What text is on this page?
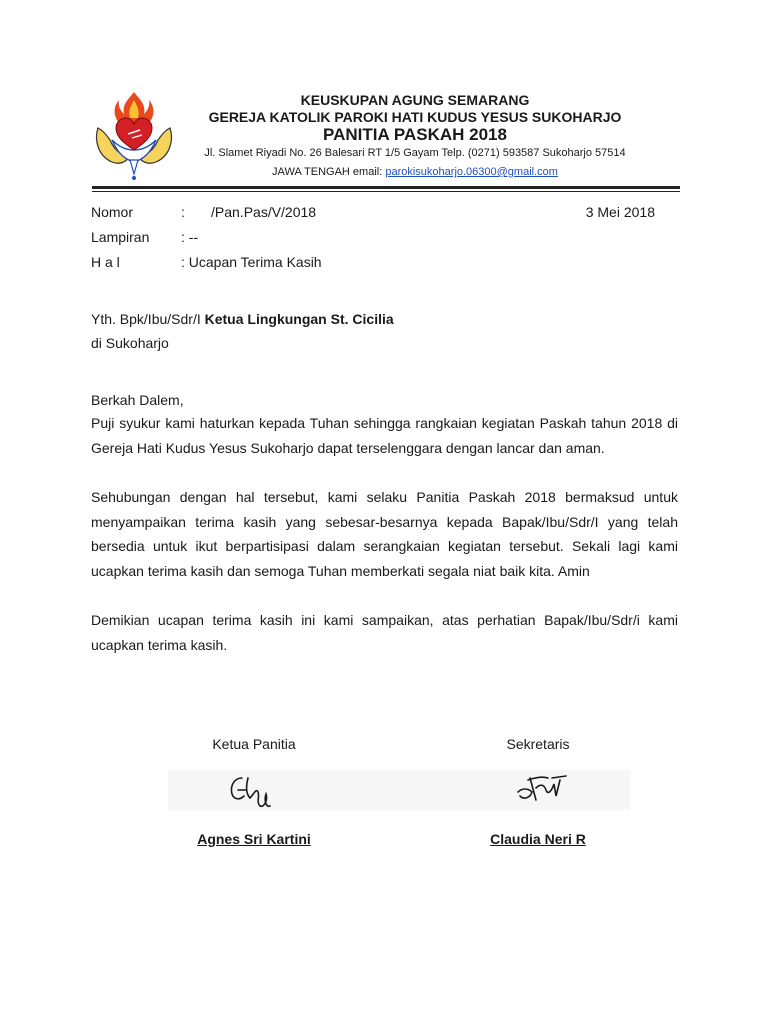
KEUSKUPAN AGUNG SEMARANG
GEREJA KATOLIK PAROKI HATI KUDUS YESUS SUKOHARJO
PANITIA PASKAH 2018
Jl. Slamet Riyadi No. 26 Balesari RT 1/5 Gayam Telp. (0271) 593587 Sukoharjo 57514
JAWA TENGAH email: parokisukoharjo.06300@gmail.com
Nomor	: /Pan.Pas/V/2018	3 Mei 2018
Lampiran : --
H a l	: Ucapan Terima Kasih
Yth. Bpk/Ibu/Sdr/I Ketua Lingkungan St. Cicilia
di Sukoharjo
Berkah Dalem,
Puji syukur kami haturkan kepada Tuhan sehingga rangkaian kegiatan Paskah tahun 2018 di Gereja Hati Kudus Yesus Sukoharjo dapat terselenggara dengan lancar dan aman.
Sehubungan dengan hal tersebut, kami selaku Panitia Paskah 2018 bermaksud untuk menyampaikan terima kasih yang sebesar-besarnya kepada Bapak/Ibu/Sdr/I yang telah bersedia untuk ikut berpartisipasi dalam serangkaian kegiatan tersebut. Sekali lagi kami ucapkan terima kasih dan semoga Tuhan memberkati segala niat baik kita. Amin
Demikian ucapan terima kasih ini kami sampaikan, atas perhatian Bapak/Ibu/Sdr/i kami ucapkan terima kasih.
Ketua Panitia	Sekretaris
Agnes Sri Kartini	Claudia Neri R
